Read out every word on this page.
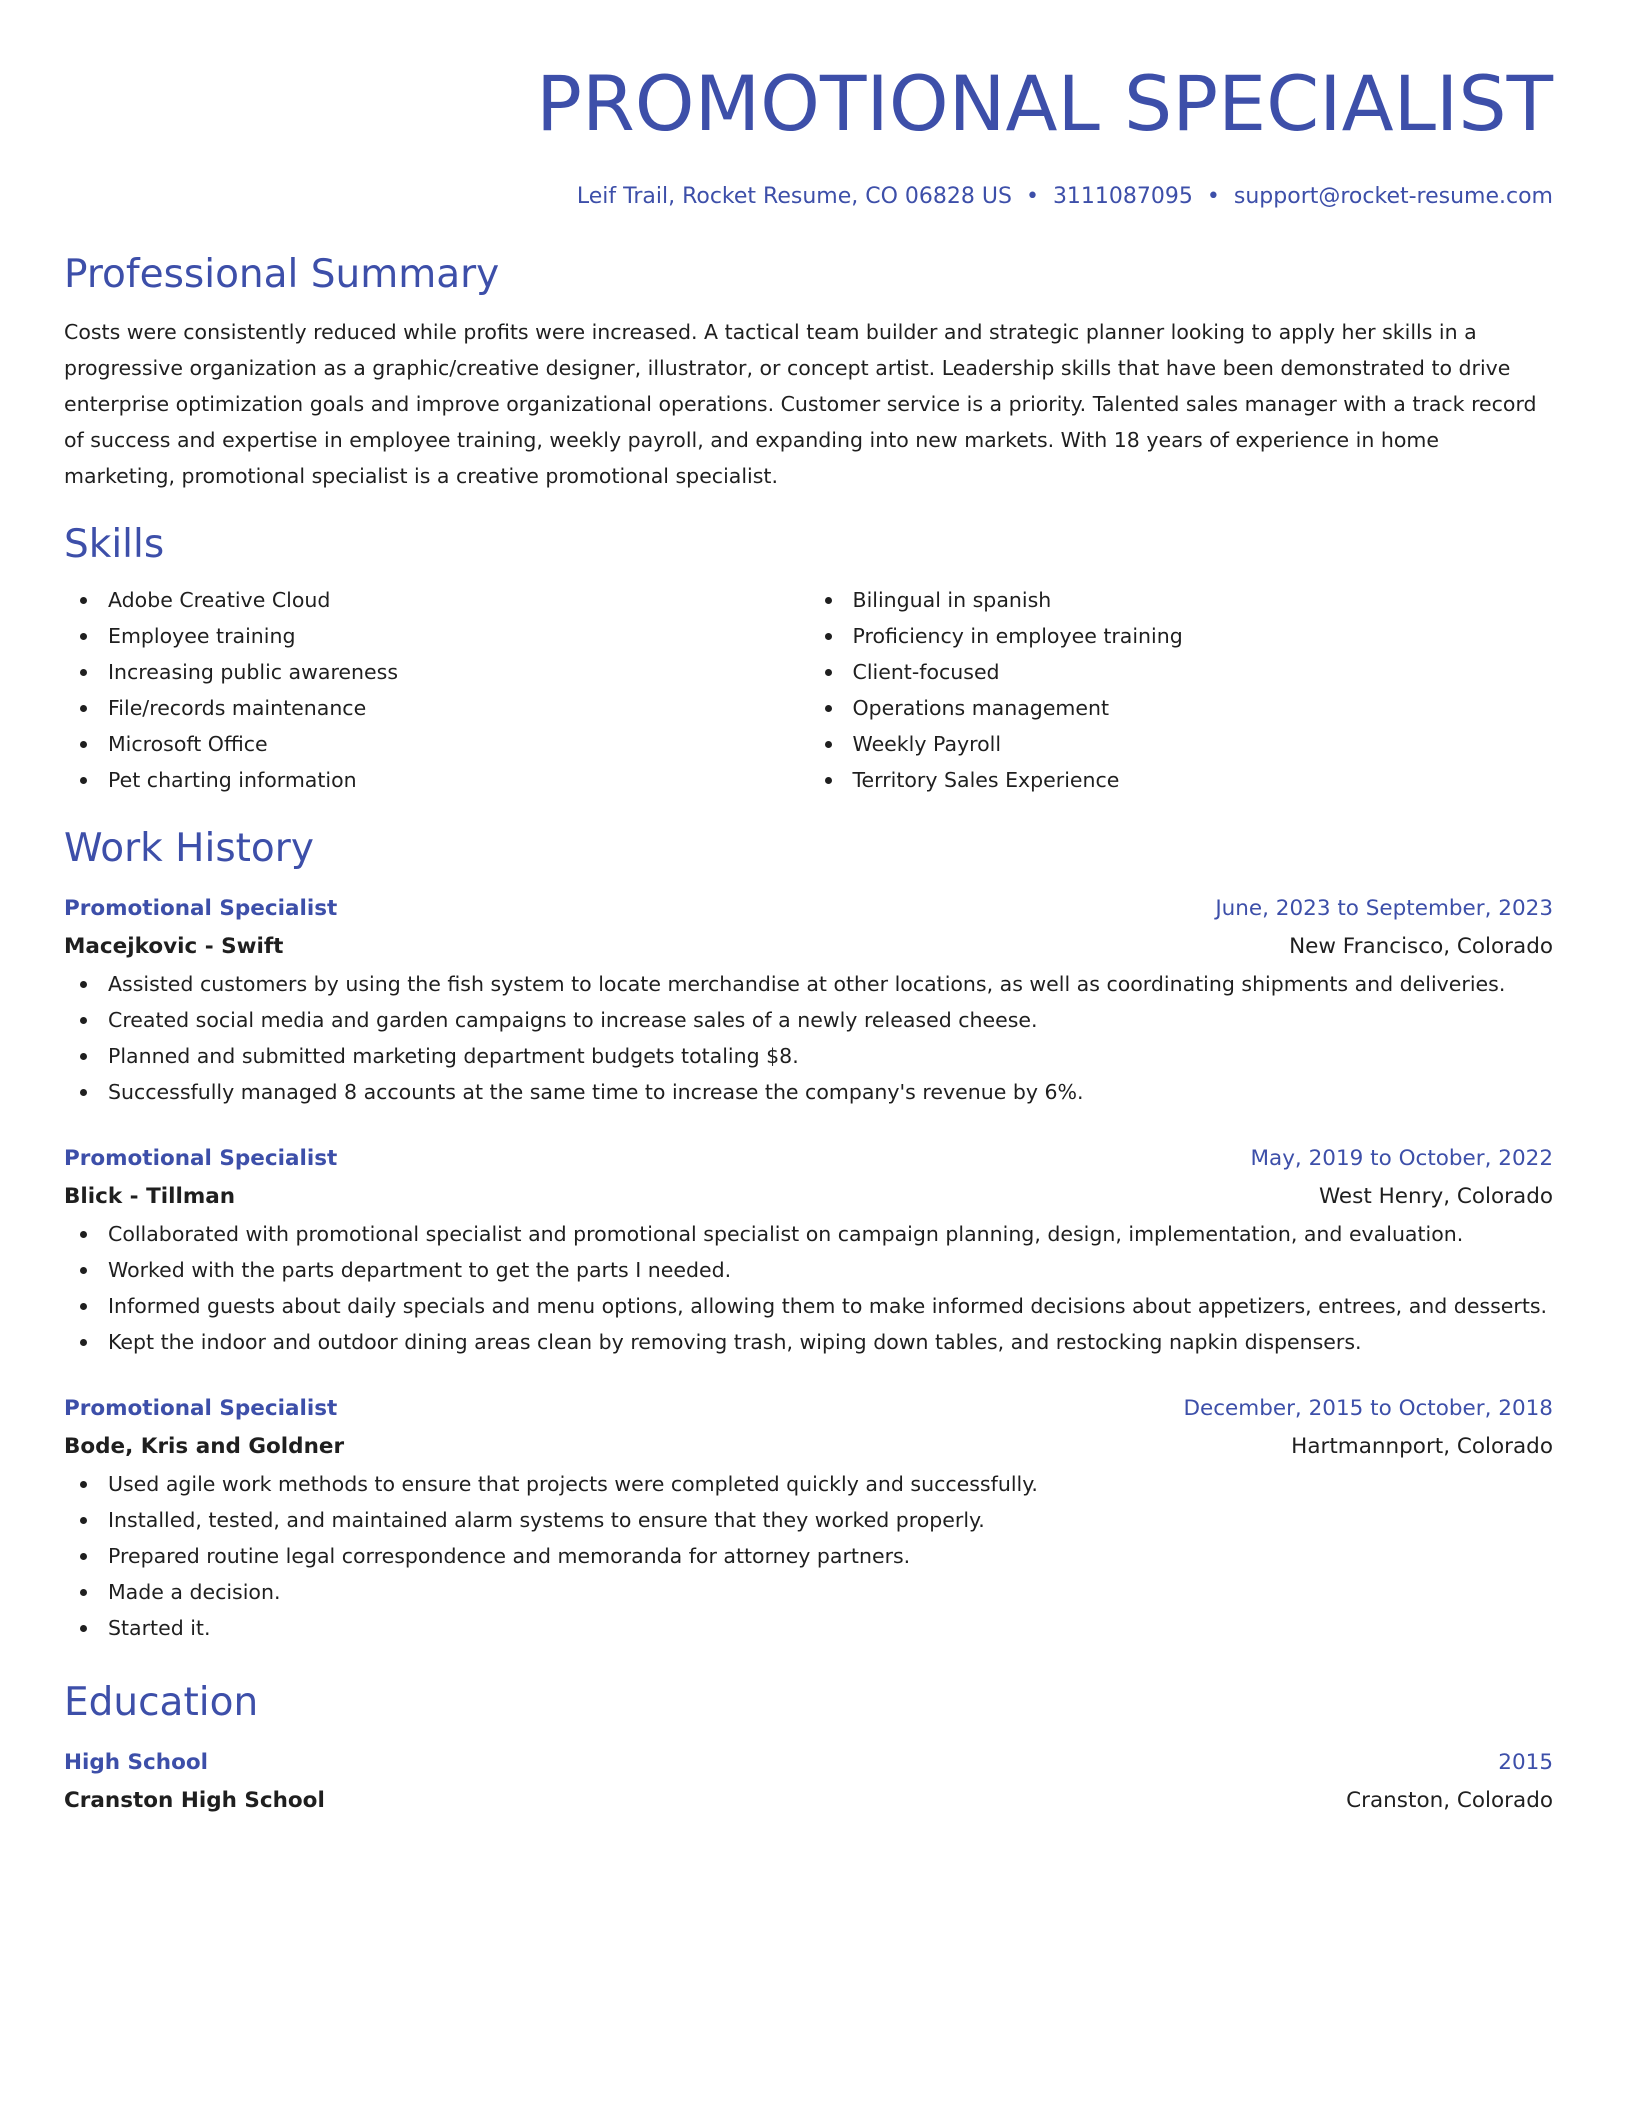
PROMOTIONAL SPECIALIST
Leif Trail, Rocket Resume, CO 06828 US • 3111087095 • support@rocket-resume.com
Professional Summary
Costs were consistently reduced while profits were increased. A tactical team builder and strategic planner looking to apply her skills in a progressive organization as a graphic/creative designer, illustrator, or concept artist. Leadership skills that have been demonstrated to drive enterprise optimization goals and improve organizational operations. Customer service is a priority. Talented sales manager with a track record of success and expertise in employee training, weekly payroll, and expanding into new markets. With 18 years of experience in home marketing, promotional specialist is a creative promotional specialist.
Skills
Adobe Creative Cloud
Employee training
Increasing public awareness
File/records maintenance
Microsoft Office
Pet charting information
Bilingual in spanish
Proficiency in employee training
Client-focused
Operations management
Weekly Payroll
Territory Sales Experience
Work History
Promotional Specialist	June, 2023 to September, 2023
Macejkovic - Swift	New Francisco, Colorado
Assisted customers by using the fish system to locate merchandise at other locations, as well as coordinating shipments and deliveries.
Created social media and garden campaigns to increase sales of a newly released cheese.
Planned and submitted marketing department budgets totaling $8.
Successfully managed 8 accounts at the same time to increase the company's revenue by 6%.
Promotional Specialist	May, 2019 to October, 2022
Blick - Tillman	West Henry, Colorado
Collaborated with promotional specialist and promotional specialist on campaign planning, design, implementation, and evaluation.
Worked with the parts department to get the parts I needed.
Informed guests about daily specials and menu options, allowing them to make informed decisions about appetizers, entrees, and desserts.
Kept the indoor and outdoor dining areas clean by removing trash, wiping down tables, and restocking napkin dispensers.
Promotional Specialist	December, 2015 to October, 2018
Bode, Kris and Goldner	Hartmannport, Colorado
Used agile work methods to ensure that projects were completed quickly and successfully.
Installed, tested, and maintained alarm systems to ensure that they worked properly.
Prepared routine legal correspondence and memoranda for attorney partners.
Made a decision.
Started it.
Education
High School	2015
Cranston High School	Cranston, Colorado
